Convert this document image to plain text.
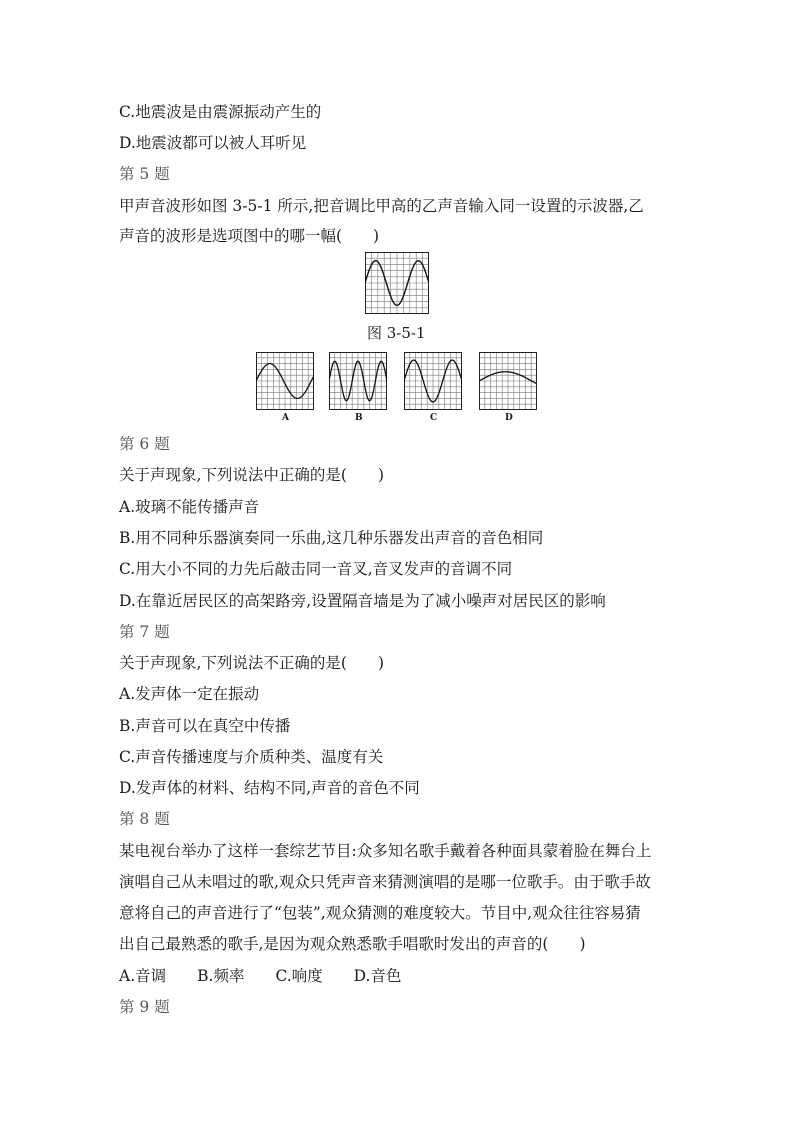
C.地震波是由震源振动产生的
D.地震波都可以被人耳听见
第 5 题
甲声音波形如图 3-5-1 所示,把音调比甲高的乙声音输入同一设置的示波器,乙
声音的波形是选项图中的哪一幅(　　)
图 3-5-1
A	B	C	D
第 6 题
关于声现象,下列说法中正确的是(　　)
A.玻璃不能传播声音
B.用不同种乐器演奏同一乐曲,这几种乐器发出声音的音色相同
C.用大小不同的力先后敲击同一音叉,音叉发声的音调不同
D.在靠近居民区的高架路旁,设置隔音墙是为了减小噪声对居民区的影响
第 7 题
关于声现象,下列说法不正确的是(　　)
A.发声体一定在振动
B.声音可以在真空中传播
C.声音传播速度与介质种类、温度有关
D.发声体的材料、结构不同,声音的音色不同
第 8 题
某电视台举办了这样一套综艺节目:众多知名歌手戴着各种面具蒙着脸在舞台上
演唱自己从未唱过的歌,观众只凭声音来猜测演唱的是哪一位歌手。由于歌手故
意将自己的声音进行了“包装”,观众猜测的难度较大。节目中,观众往往容易猜
出自己最熟悉的歌手,是因为观众熟悉歌手唱歌时发出的声音的(　　)
A.音调　　B.频率　　C.响度　　D.音色
第 9 题
